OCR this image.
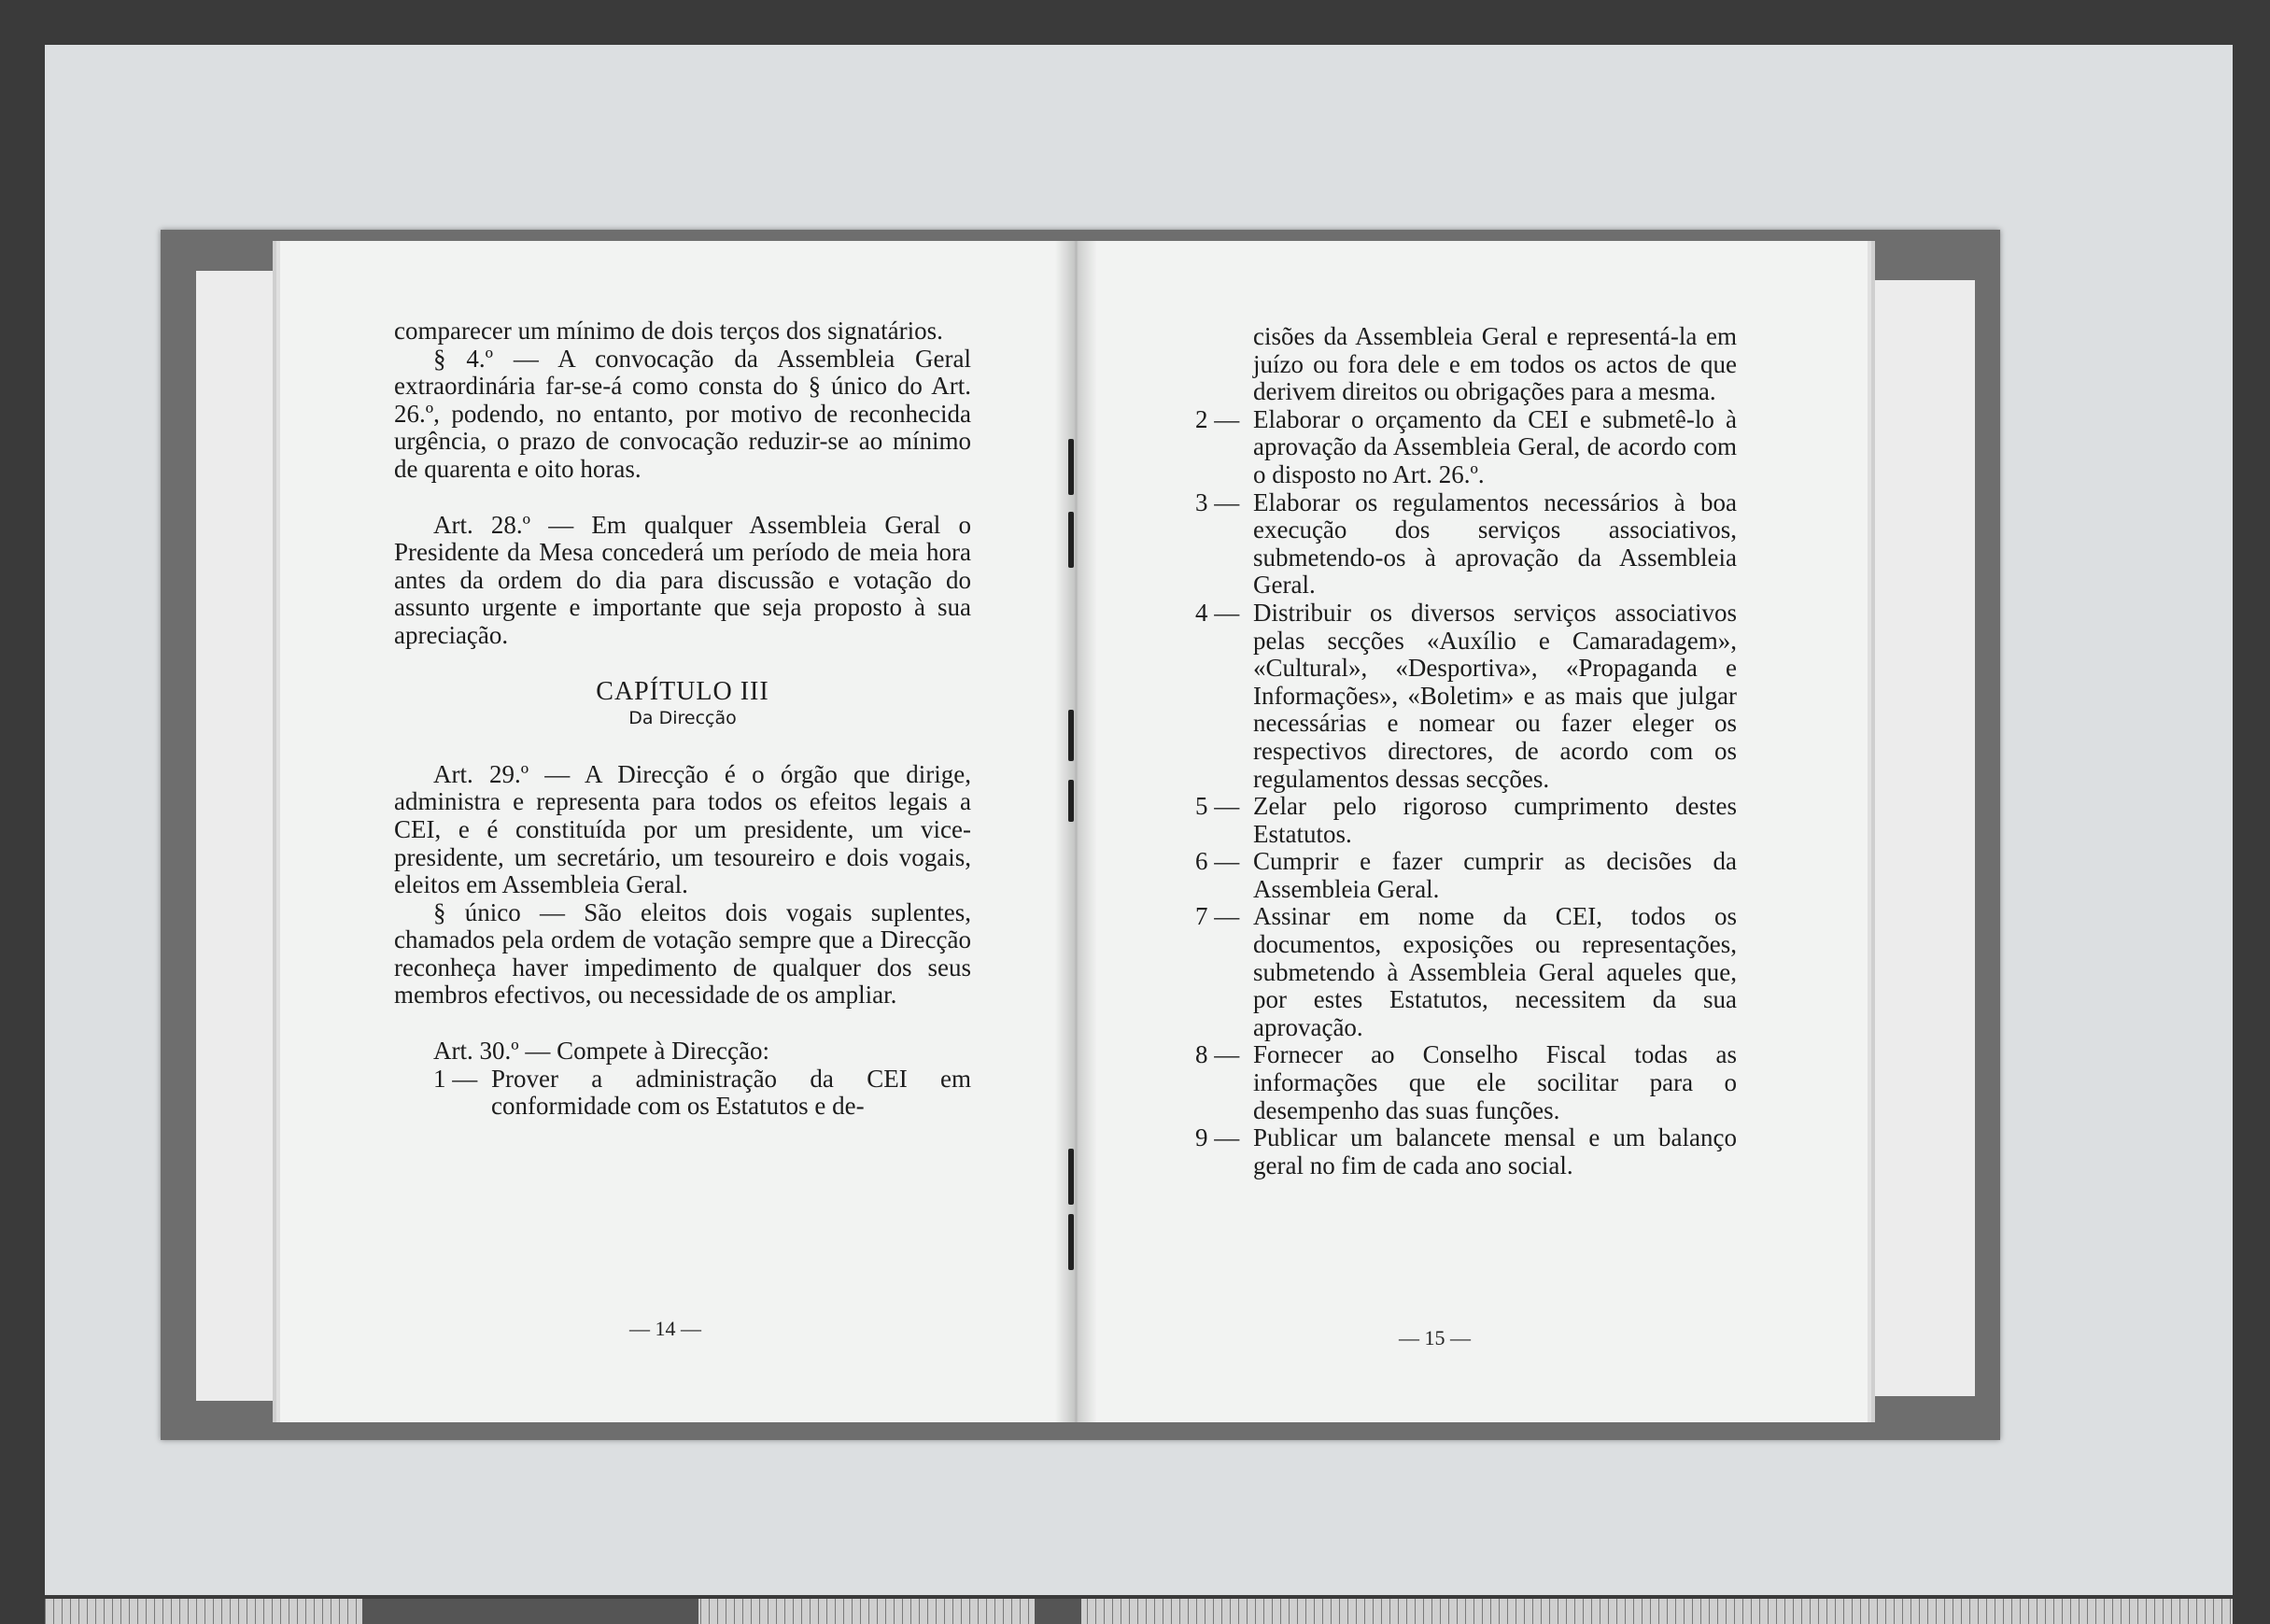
comparecer um mínimo de dois terços dos signatários.

§ 4.º — A convocação da Assembleia Geral extraordinária far-se-á como consta do § único do Art. 26.º, podendo, no entanto, por motivo de reconhecida urgência, o prazo de convocação reduzir-se ao mínimo de quarenta e oito horas.

Art. 28.º — Em qualquer Assembleia Geral o Presidente da Mesa concederá um período de meia hora antes da ordem do dia para discussão e votação do assunto urgente e importante que seja proposto à sua apreciação.

CAPÍTULO III

Da Direcção

Art. 29.º — A Direcção é o órgão que dirige, administra e representa para todos os efeitos legais a CEI, e é constituída por um presidente, um vice-presidente, um secretário, um tesoureiro e dois vogais, eleitos em Assembleia Geral.

§ único — São eleitos dois vogais suplentes, chamados pela ordem de votação sempre que a Direcção reconheça haver impedimento de qualquer dos seus membros efectivos, ou necessidade de os ampliar.

Art. 30.º — Compete à Direcção:

1 — Prover a administração da CEI em conformidade com os Estatutos e de-
— 14 —

cisões da Assembleia Geral e representá-la em juízo ou fora dele e em todos os actos de que derivem direitos ou obrigações para a mesma.

2 — Elaborar o orçamento da CEI e submetê-lo à aprovação da Assembleia Geral, de acordo com o disposto no Art. 26.º.
3 — Elaborar os regulamentos necessários à boa execução dos serviços associativos, submetendo-os à aprovação da Assembleia Geral.
4 — Distribuir os diversos serviços associativos pelas secções «Auxílio e Camaradagem», «Cultural», «Desportiva», «Propaganda e Informações», «Boletim» e as mais que julgar necessárias e nomear ou fazer eleger os respectivos directores, de acordo com os regulamentos dessas secções.
5 — Zelar pelo rigoroso cumprimento destes Estatutos.
6 — Cumprir e fazer cumprir as decisões da Assembleia Geral.
7 — Assinar em nome da CEI, todos os documentos, exposições ou representações, submetendo à Assembleia Geral aqueles que, por estes Estatutos, necessitem da sua aprovação.
8 — Fornecer ao Conselho Fiscal todas as informações que ele socilitar para o desempenho das suas funções.
9 — Publicar um balancete mensal e um balanço geral no fim de cada ano social.
— 15 —
